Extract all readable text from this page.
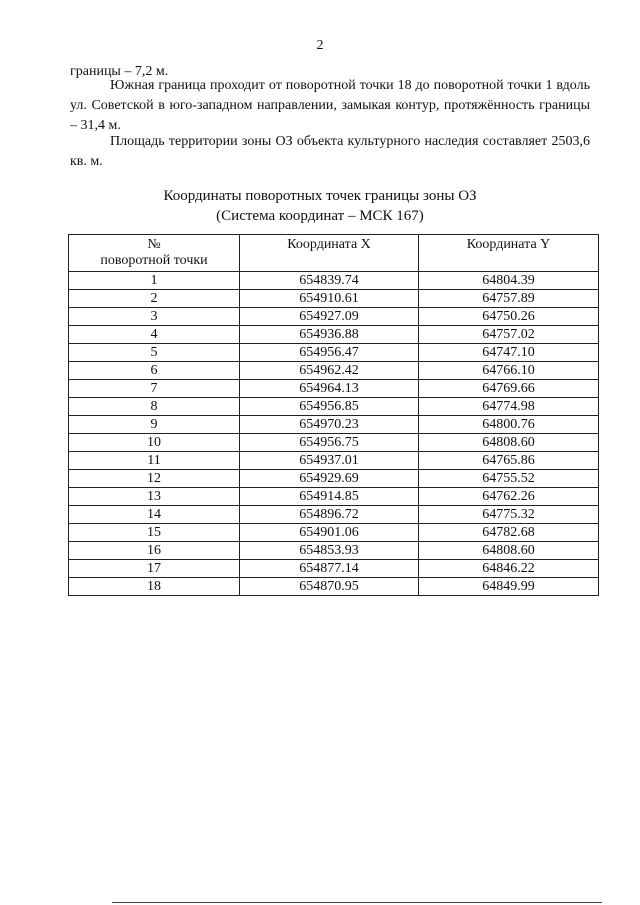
2

границы – 7,2 м.

Южная граница проходит от поворотной точки 18 до поворотной точки 1 вдоль ул. Советской в юго-западном направлении, замыкая контур, протяжённость границы – 31,4 м.

Площадь территории зоны ОЗ объекта культурного наследия составляет 2503,6 кв. м.

Координаты поворотных точек границы зоны ОЗ
(Система координат – МСК 167)
№
поворотной точки	Координата X	Координата Y
1	654839.74	64804.39
2	654910.61	64757.89
3	654927.09	64750.26
4	654936.88	64757.02
5	654956.47	64747.10
6	654962.42	64766.10
7	654964.13	64769.66
8	654956.85	64774.98
9	654970.23	64800.76
10	654956.75	64808.60
11	654937.01	64765.86
12	654929.69	64755.52
13	654914.85	64762.26
14	654896.72	64775.32
15	654901.06	64782.68
16	654853.93	64808.60
17	654877.14	64846.22
18	654870.95	64849.99
